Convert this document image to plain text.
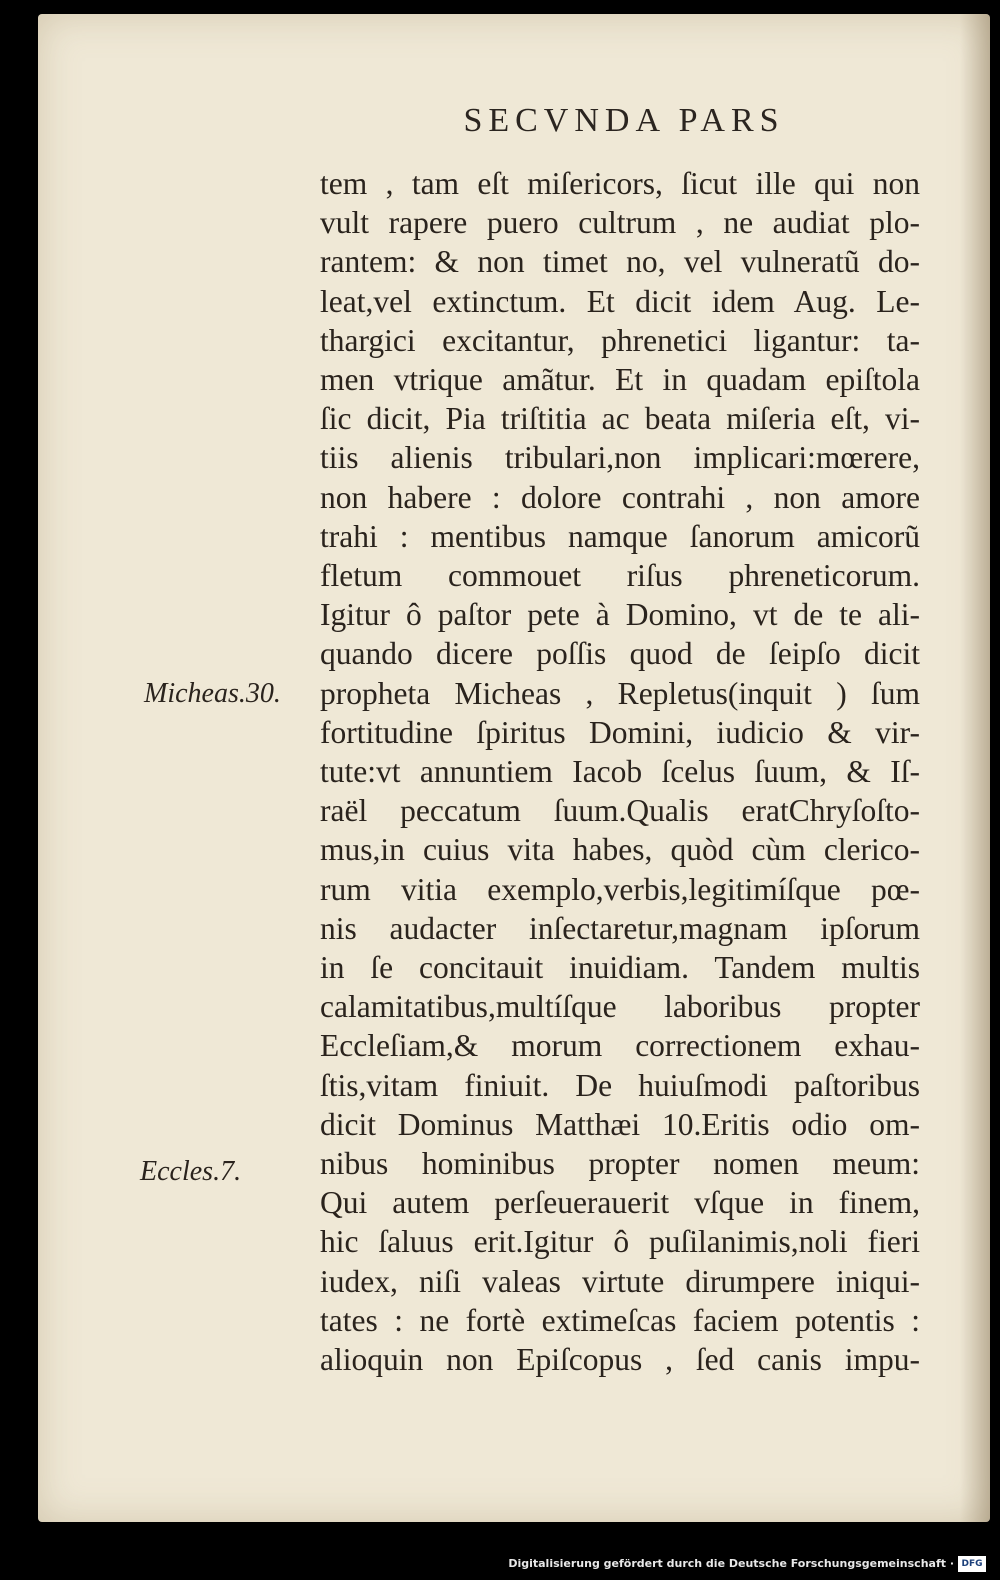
SECVNDA PARS
tem , tam eſt miſericors, ſicut ille qui non
vult rapere puero cultrum , ne audiat plo-
rantem: & non timet no, vel vulneratũ do-
leat,vel extinctum. Et dicit idem Aug. Le-
thargici excitantur, phrenetici ligantur: ta-
men vtrique amãtur. Et in quadam epiſtola
ſic dicit, Pia triſtitia ac beata miſeria eſt, vi-
tiis alienis tribulari,non implicari:mœrere,
non habere : dolore contrahi , non amore
trahi : mentibus namque ſanorum amicorũ
fletum commouet riſus phreneticorum.
Igitur ô paſtor pete à Domino, vt de te ali-
quando dicere poſſis quod de ſeipſo dicit
propheta Micheas , Repletus(inquit ) ſum
fortitudine ſpiritus Domini, iudicio & vir-
tute:vt annuntiem Iacob ſcelus ſuum, & Iſ-
raël peccatum ſuum.Qualis eratChryſoſto-
mus,in cuius vita habes, quòd cùm clerico-
rum vitia exemplo,verbis,legitimíſque pœ-
nis audacter inſectaretur,magnam ipſorum
in ſe concitauit inuidiam. Tandem multis
calamitatibus,multíſque laboribus propter
Eccleſiam,& morum correctionem exhau-
ſtis,vitam finiuit. De huiuſmodi paſtoribus
dicit Dominus Matthæi 10.Eritis odio om-
nibus hominibus propter nomen meum:
Qui autem perſeuerauerit vſque in finem,
hic ſaluus erit.Igitur ô puſilanimis,noli fieri
iudex, niſi valeas virtute dirumpere iniqui-
tates : ne fortè extimeſcas faciem potentis :
alioquin non Epiſcopus , ſed canis impu-
Micheas.30.
Eccles.7.
Digitalisierung gefördert durch die Deutsche Forschungsgemeinschaft · DFG
